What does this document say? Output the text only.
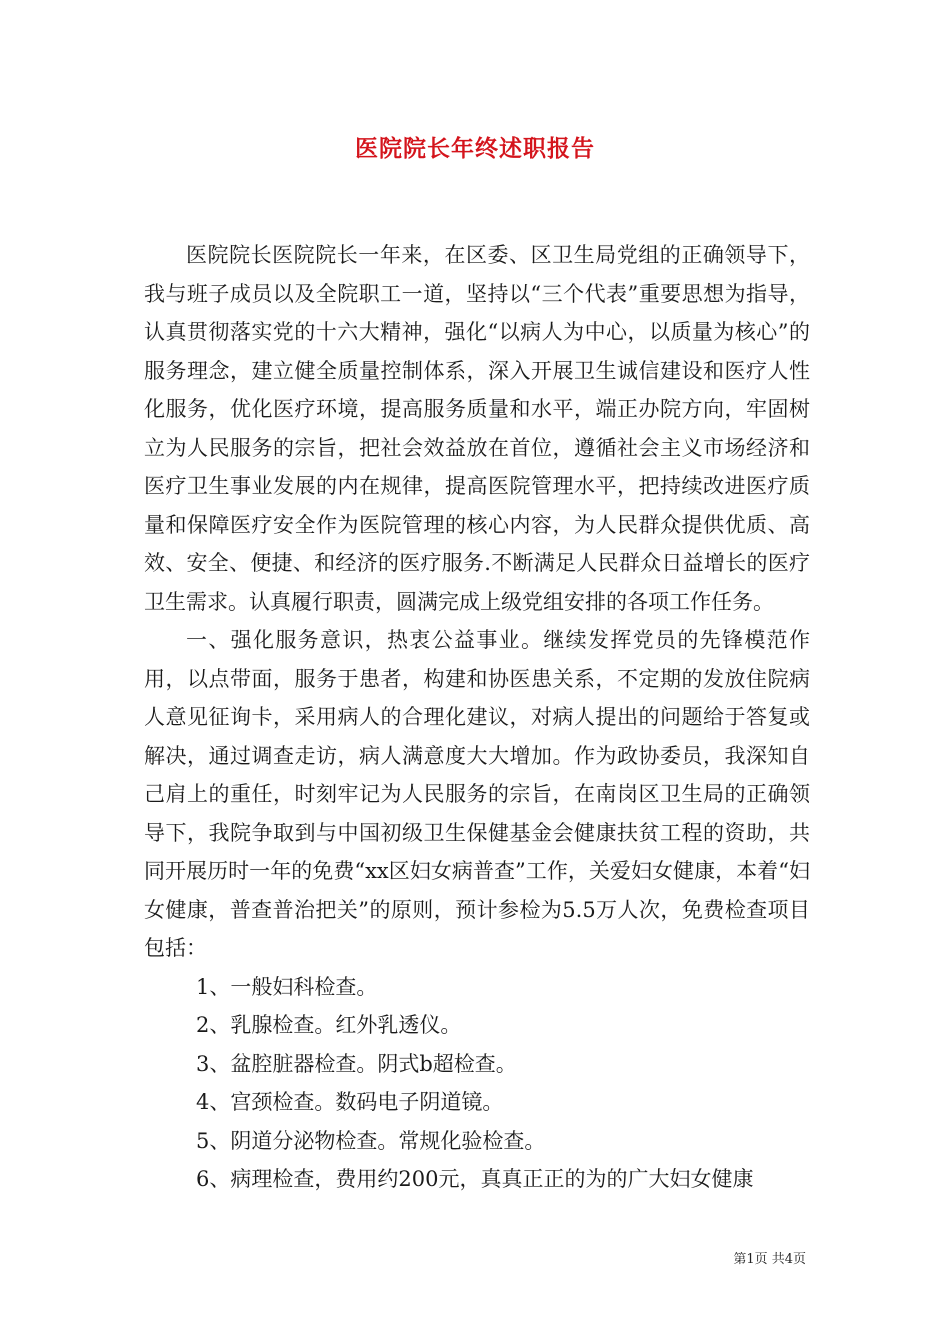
医院院长年终述职报告

医院院长医院院长一年来，在区委、区卫生局党组的正确领导下，我与班子成员以及全院职工一道，坚持以“三个代表”重要思想为指导，认真贯彻落实党的十六大精神，强化“以病人为中心，以质量为核心”的服务理念，建立健全质量控制体系，深入开展卫生诚信建设和医疗人性化服务，优化医疗环境，提高服务质量和水平，端正办院方向，牢固树立为人民服务的宗旨，把社会效益放在首位，遵循社会主义市场经济和医疗卫生事业发展的内在规律，提高医院管理水平，把持续改进医疗质量和保障医疗安全作为医院管理的核心内容，为人民群众提供优质、高效、安全、便捷、和经济的医疗服务.不断满足人民群众日益增长的医疗卫生需求。认真履行职责，圆满完成上级党组安排的各项工作任务。

一、强化服务意识，热衷公益事业。继续发挥党员的先锋模范作用，以点带面，服务于患者，构建和协医患关系，不定期的发放住院病人意见征询卡，采用病人的合理化建议，对病人提出的问题给于答复或解决，通过调查走访，病人满意度大大增加。作为政协委员，我深知自己肩上的重任，时刻牢记为人民服务的宗旨，在南岗区卫生局的正确领导下，我院争取到与中国初级卫生保健基金会健康扶贫工程的资助，共同开展历时一年的免费“xx区妇女病普查”工作，关爱妇女健康，本着“妇女健康，普查普治把关”的原则，预计参检为5.5万人次，免费检查项目包括：

1、一般妇科检查。

2、乳腺检查。红外乳透仪。

3、盆腔脏器检查。阴式b超检查。

4、宫颈检查。数码电子阴道镜。

5、阴道分泌物检查。常规化验检查。

6、病理检查，费用约200元，真真正正的为的广大妇女健康

第1页 共4页
